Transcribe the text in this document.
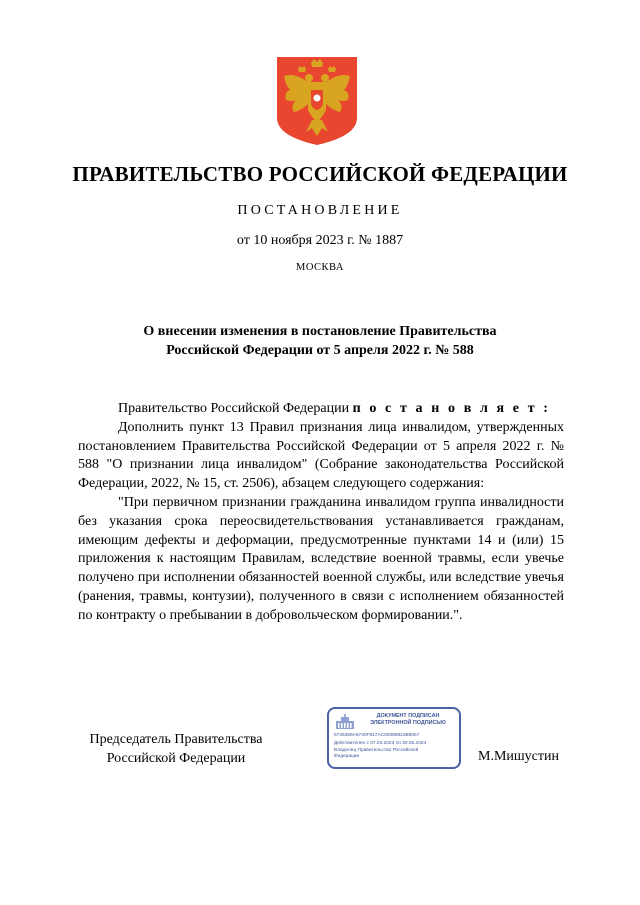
ПРАВИТЕЛЬСТВО РОССИЙСКОЙ ФЕДЕРАЦИИ
ПОСТАНОВЛЕНИЕ
от 10 ноября 2023 г. № 1887
МОСКВА
О внесении изменения в постановление Правительства
Российской Федерации от 5 апреля 2022 г. № 588

Правительство Российской Федерации п о с т а н о в л я е т :

Дополнить пункт 13 Правил признания лица инвалидом, утвержденных постановлением Правительства Российской Федерации от 5 апреля 2022 г. № 588 "О признании лица инвалидом" (Собрание законодательства Российской Федерации, 2022, № 15, ст. 2506), абзацем следующего содержания:

"При первичном признании гражданина инвалидом группа инвалидности без указания срока переосвидетельствования устанавливается гражданам, имеющим дефекты и деформации, предусмотренные пунктами 14 и (или) 15 приложения к настоящим Правилам, вследствие военной травмы, если увечье получено при исполнении обязанностей военной службы, или вследствие увечья (ранения, травмы, контузии), полученного в связи с исполнением обязанностей по контракту о пребывании в добровольческом формировании.".

Председатель Правительства
Российской Федерации
ДОКУМЕНТ ПОДПИСАН
ЭЛЕКТРОННОЙ ПОДПИСЬЮ
5725359A6740F817AC00089823B9057
Действителен с 07.03.2023 по 30.05.2024
Владелец Правительство Российской
Федерации	М.Мишустин
